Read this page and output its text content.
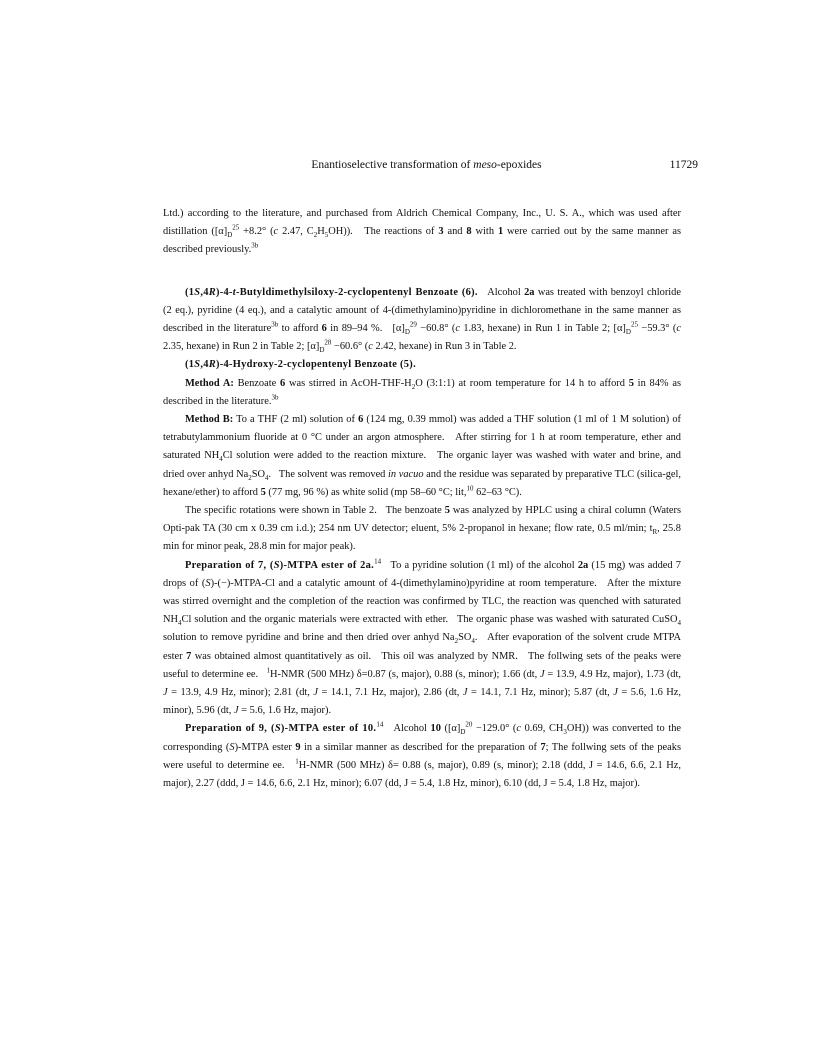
Enantioselective transformation of meso-epoxides	11729

Ltd.) according to the literature, and purchased from Aldrich Chemical Company, Inc., U. S. A., which was used after distillation ($[\alpha]_D^{25} +8.2^\circ$ (c 2.47, $C_2H_5OH$)).   The reactions of 3 and 8 with 1 were carried out by the same manner as described previously.$^{3b}$

(1S,4R)-4-t-Butyldimethylsiloxy-2-cyclopentenyl Benzoate (6).   Alcohol 2a was treated with benzoyl chloride (2 eq.), pyridine (4 eq.), and a catalytic amount of 4-(dimethylamino)pyridine in dichloromethane in the same manner as described in the literature$^{3b}$ to afford 6 in 89–94 %.   $[\alpha]_D^{29} -60.8^\circ$ (c 1.83, hexane) in Run 1 in Table 2; $[\alpha]_D^{25} -59.3^\circ$ (c 2.35, hexane) in Run 2 in Table 2; $[\alpha]_D^{28} -60.6^\circ$ (c 2.42, hexane) in Run 3 in Table 2.

(1S,4R)-4-Hydroxy-2-cyclopentenyl Benzoate (5).

Method A: Benzoate 6 was stirred in AcOH-$THF-H_2O$ (3:1:1) at room temperature for 14 h to afford 5 in 84% as described in the literature.$^{3b}$

Method B: To a THF (2 ml) solution of 6 (124 mg, 0.39 mmol) was added a THF solution (1 ml of 1 M solution) of tetrabutylammonium fluoride at 0 °C under an argon atmosphere.   After stirring for 1 h at room temperature, ether and saturated $NH_4Cl$ solution were added to the reaction mixture.   The organic layer was washed with water and brine, and dried over anhyd $Na_2SO_4$.   The solvent was removed in vacuo and the residue was separated by preparative TLC (silica-gel, hexane/ether) to afford 5 (77 mg, 96 %) as white solid (mp 58–60 °C; lit,$^{10}$ 62–63 °C).

The specific rotations were shown in Table 2.   The benzoate 5 was analyzed by HPLC using a chiral column (Waters Opti-pak TA (30 cm x 0.39 cm i.d.); 254 nm UV detector; eluent, 5% 2-propanol in hexane; flow rate, 0.5 ml/min; $t_R$, 25.8 min for minor peak, 28.8 min for major peak).

Preparation of 7, (S)-MTPA ester of 2a.$^{14}$   To a pyridine solution (1 ml) of the alcohol 2a (15 mg) was added 7 drops of (S)-(−)-MTPA-Cl and a catalytic amount of 4-(dimethylamino)pyridine at room temperature.   After the mixture was stirred overnight and the completion of the reaction was confirmed by TLC, the reaction was quenched with saturated $NH_4Cl$ solution and the organic materials were extracted with ether.   The organic phase was washed with saturated CuSO$_4$ solution to remove pyridine and brine and then dried over anhyd $Na_2SO_4$.   After evaporation of the solvent crude MTPA ester 7 was obtained almost quantitatively as oil.   This oil was analyzed by NMR.   The follwing sets of the peaks were useful to determine ee.   $^1$H-NMR (500 MHz) δ=0.87 (s, major), 0.88 (s, minor); 1.66 (dt, J = 13.9, 4.9 Hz, major), 1.73 (dt, J = 13.9, 4.9 Hz, minor); 2.81 (dt, J = 14.1, 7.1 Hz, major), 2.86 (dt, J = 14.1, 7.1 Hz, minor); 5.87 (dt, J = 5.6, 1.6 Hz, minor), 5.96 (dt, J = 5.6, 1.6 Hz, major).

Preparation of 9, (S)-MTPA ester of 10.14   Alcohol 10 ($[\alpha]_D^{20} -129.0^\circ$ (c 0.69, $CH_3OH$)) was converted to the corresponding (S)-MTPA ester 9 in a similar manner as described for the preparation of 7; The follwing sets of the peaks were useful to determine ee.   $^1$H-NMR (500 MHz) δ= 0.88 (s, major), 0.89 (s, minor); 2.18 (ddd, J = 14.6, 6.6, 2.1 Hz, major), 2.27 (ddd, J = 14.6, 6.6, 2.1 Hz, minor); 6.07 (dd, J = 5.4, 1.8 Hz, minor), 6.10 (dd, J = 5.4, 1.8 Hz, major).
